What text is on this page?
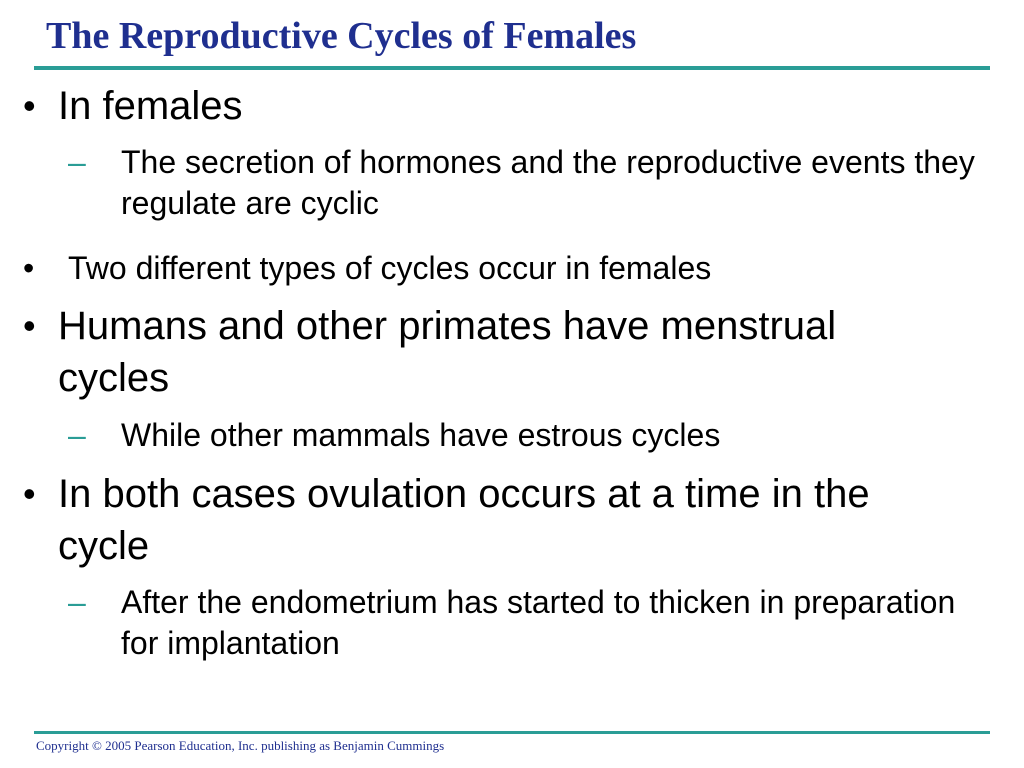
The Reproductive Cycles of Females
• In females
– The secretion of hormones and the reproductive events they regulate are cyclic
• Two different types of cycles occur in females
• Humans and other primates have menstrual cycles
– While other mammals have estrous cycles
• In both cases ovulation occurs at a time in the cycle
– After the endometrium has started to thicken in preparation for implantation
Copyright © 2005 Pearson Education, Inc. publishing as Benjamin Cummings
